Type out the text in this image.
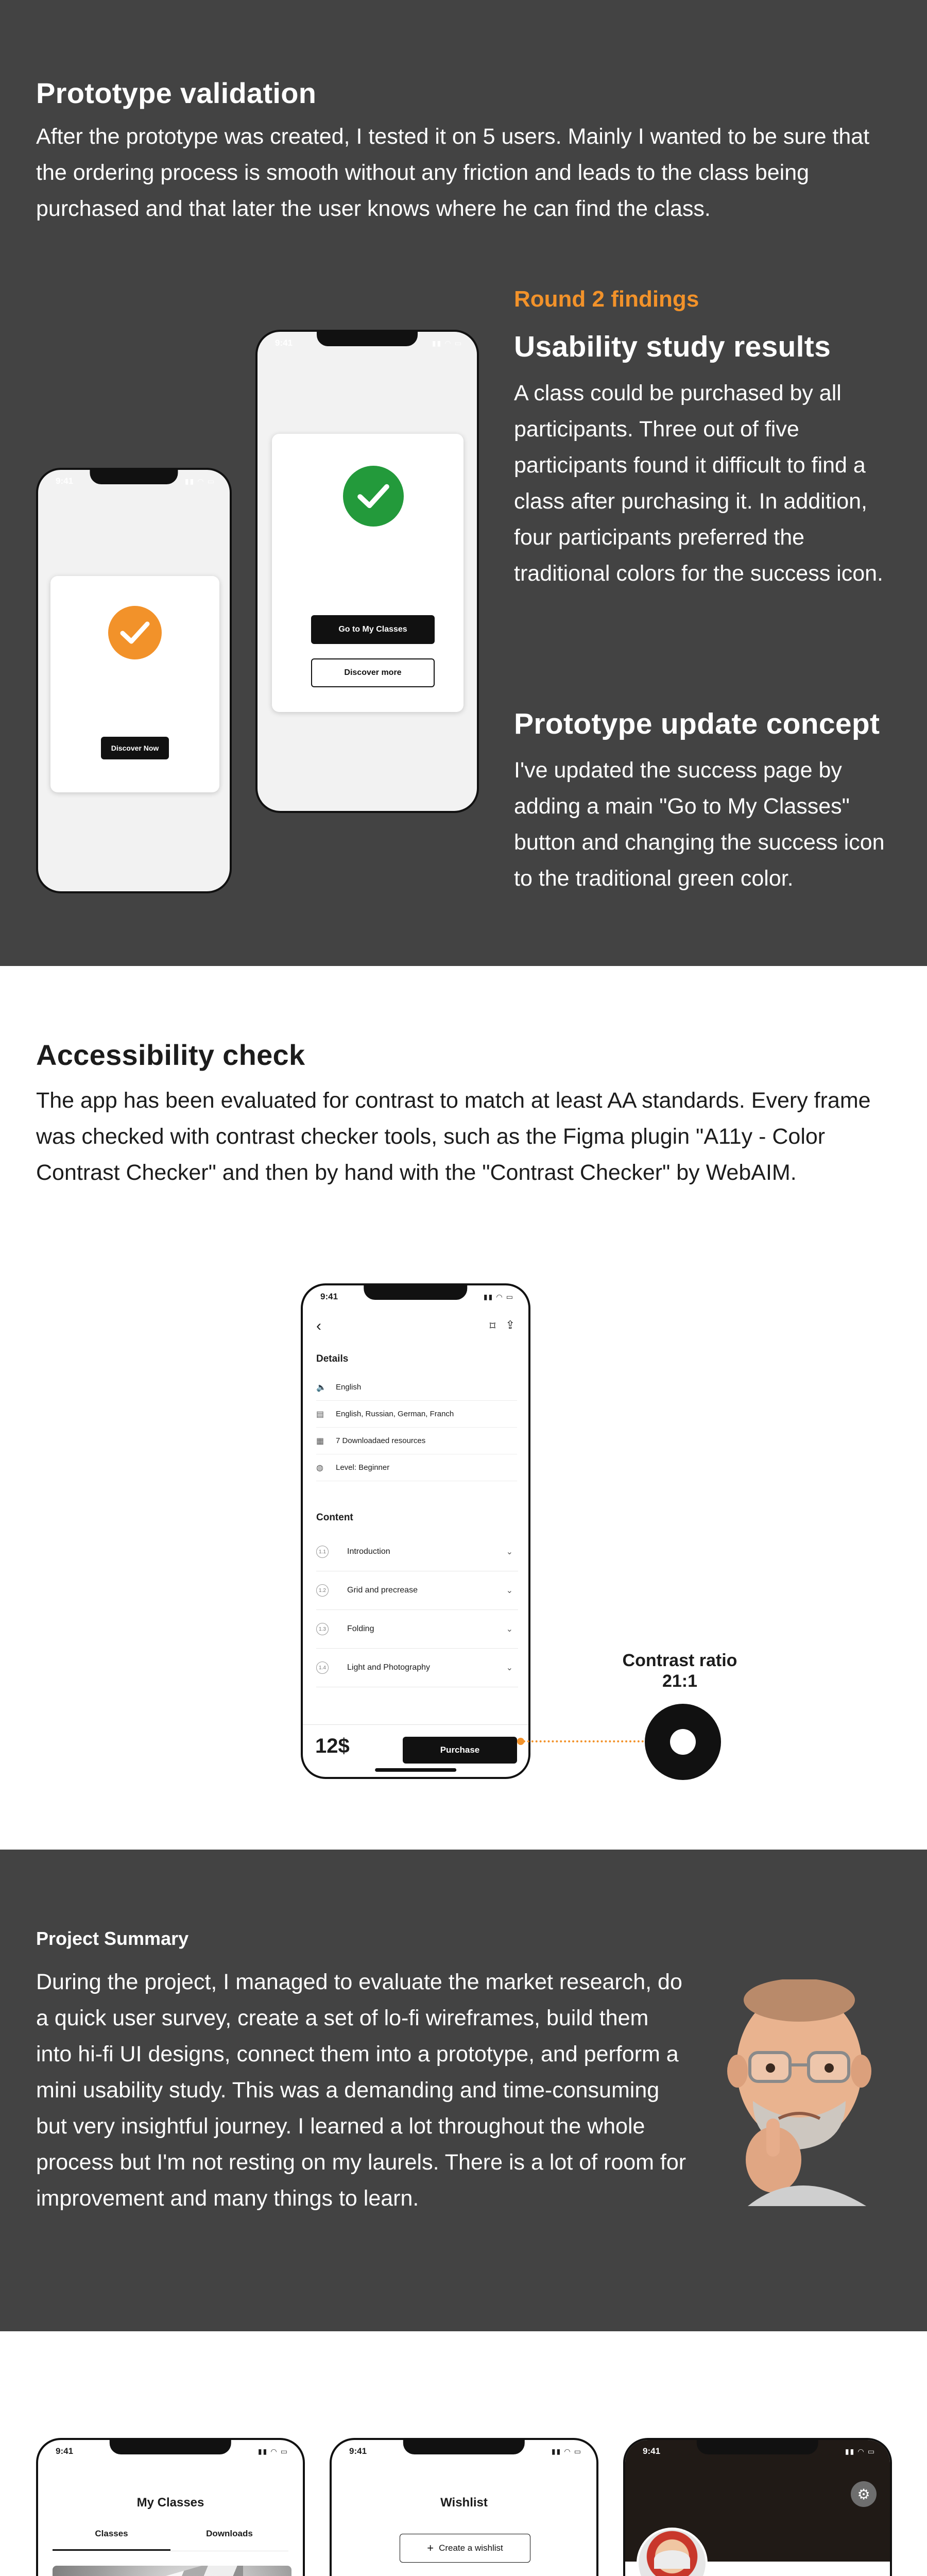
Prototype validation

After the prototype was created, I tested it on 5 users. Mainly I wanted to be sure that the ordering process is smooth without any friction and leads to the class being purchased and that later the user knows where he can find the class.

9:41	▮▮ ◠ ▭
Congratulations!
Let's fold together
Discover Now
9:41	▮▮ ◠ ▭
Congratulations!
Let's fold together
Go to My Classes
Discover more
Round 2 findings
Usability study results

A class could be purchased by all participants. Three out of five participants found it difficult to find a class after purchasing it. In addition, four participants preferred the traditional colors for the success icon.

Prototype update concept

I've updated the success page by adding a main "Go to My Classes" button and changing the success icon to the traditional green color.

Accessibility check

The app has been evaluated for contrast to match at least AA standards. Every frame was checked with contrast checker tools, such as the Figma plugin "A11y - Color Contrast Checker" and then by hand with the "Contrast Checker" by WebAIM.

9:41	▮▮ ◠ ▭
‹	⌑ ⇪
Details
🔈	English
▤	English, Russian, German, Franch
▦	7 Downloadaed resources
◍	Level: Beginner
Content
1.1	Introduction	⌄
1.2	Grid and precrease	⌄
1.3	Folding	⌄
1.4	Light and Photography	⌄
12$	Purchase
Contrast ratio
21:1
Project Summary

During the project, I managed to evaluate the market research, do a quick user survey, create a set of lo-fi wireframes, build them into hi-fi UI designs, connect them into a prototype, and perform a mini usability study. This was a demanding and time-consuming but very insightful journey. I learned a lot throughout the whole process but I'm not resting on my laurels. There is a lot of room for improvement and many things to learn.

9:41	▮▮ ◠ ▭
My Classes
Classes	Downloads
9:41	▮▮ ◠ ▭
Wishlist
+ Create a wishlist
9:41	▮▮ ◠ ▭
⚙
